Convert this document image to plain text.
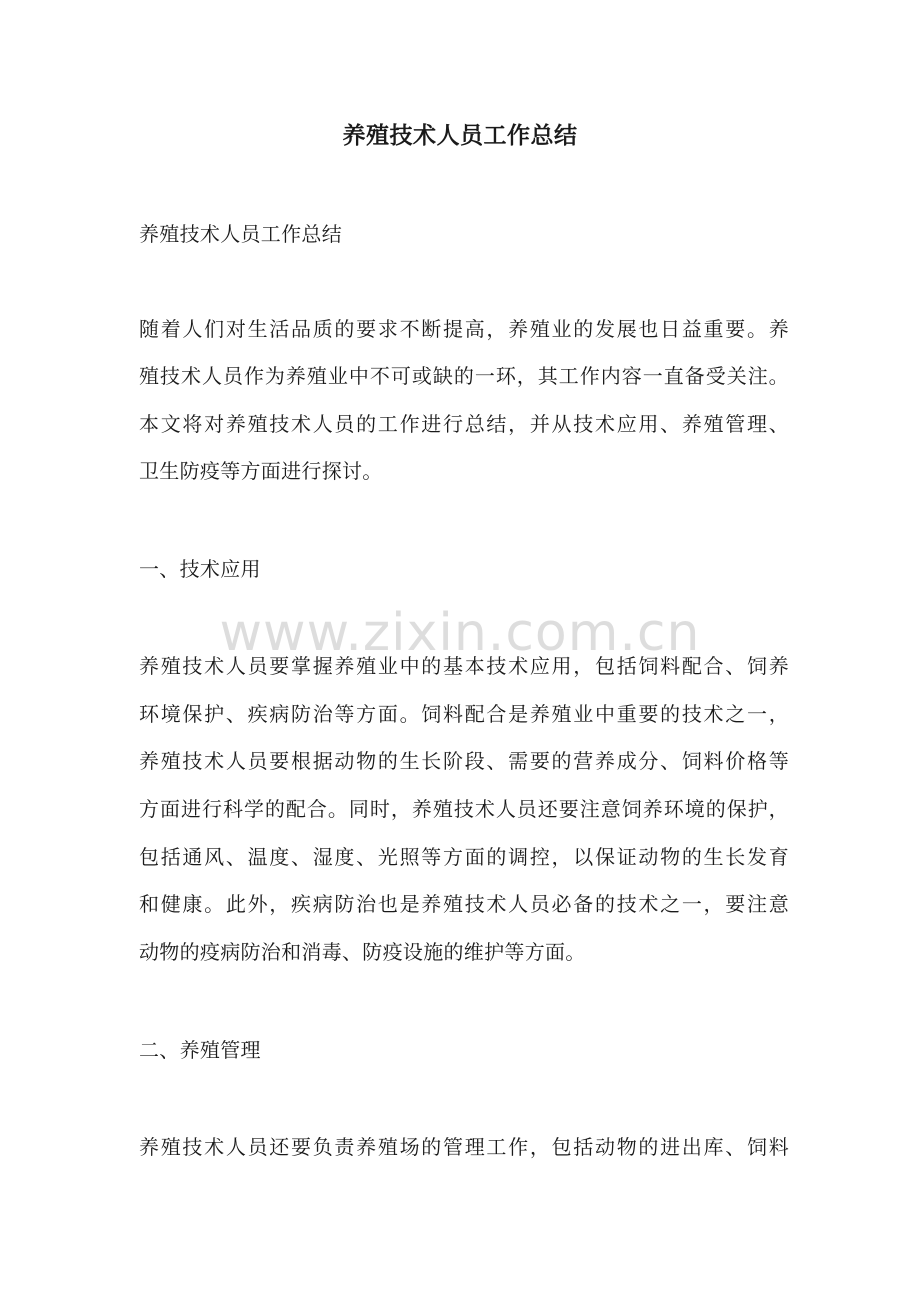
养殖技术人员工作总结
养殖技术人员工作总结
随着人们对生活品质的要求不断提高，养殖业的发展也日益重要。养
殖技术人员作为养殖业中不可或缺的一环，其工作内容一直备受关注。
本文将对养殖技术人员的工作进行总结，并从技术应用、养殖管理、
卫生防疫等方面进行探讨。
一、技术应用
www.zixin.com.cn
养殖技术人员要掌握养殖业中的基本技术应用，包括饲料配合、饲养
环境保护、疾病防治等方面。饲料配合是养殖业中重要的技术之一，
养殖技术人员要根据动物的生长阶段、需要的营养成分、饲料价格等
方面进行科学的配合。同时，养殖技术人员还要注意饲养环境的保护，
包括通风、温度、湿度、光照等方面的调控，以保证动物的生长发育
和健康。此外，疾病防治也是养殖技术人员必备的技术之一，要注意
动物的疫病防治和消毒、防疫设施的维护等方面。
二、养殖管理
养殖技术人员还要负责养殖场的管理工作，包括动物的进出库、饲料
